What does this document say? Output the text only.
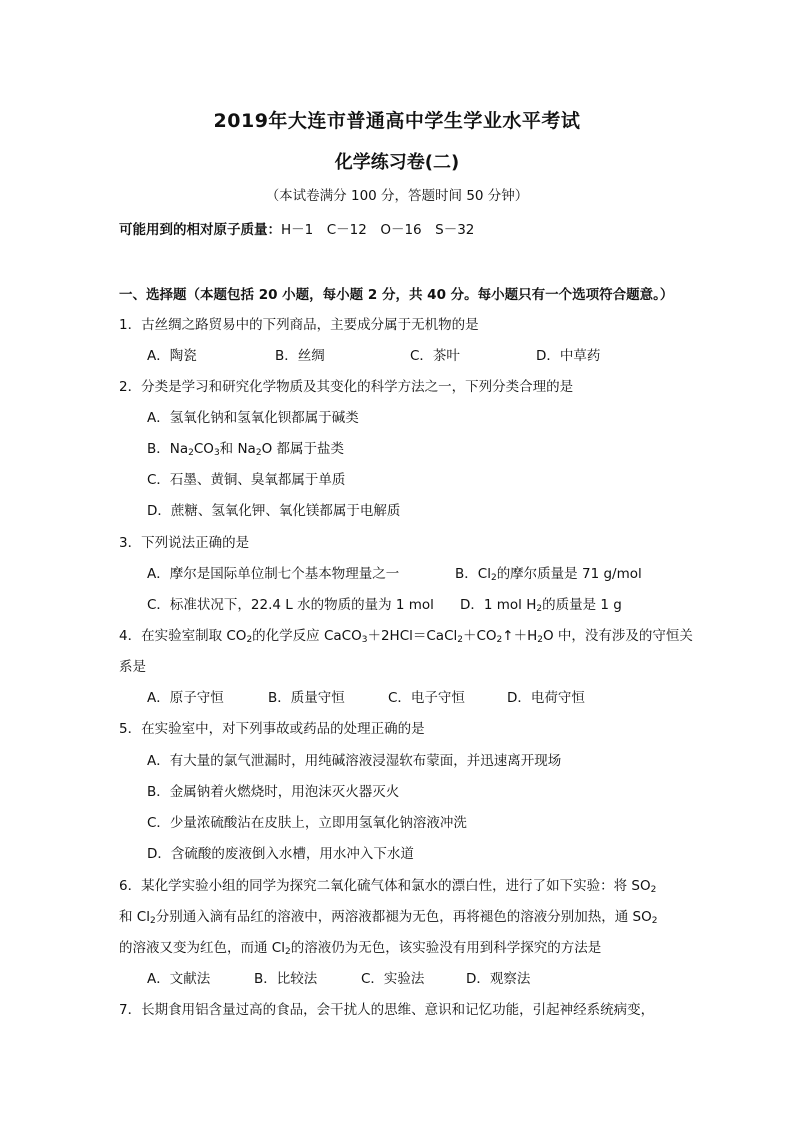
2019年大连市普通高中学生学业水平考试
化学练习卷(二)
（本试卷满分 100 分，答题时间 50 分钟）
可能用到的相对原子质量：H－1　C－12　O－16　S－32
一、选择题（本题包括 20 小题，每小题 2 分，共 40 分。每小题只有一个选项符合题意。）
1．古丝绸之路贸易中的下列商品，主要成分属于无机物的是
A．陶瓷	B．丝绸	C．茶叶	D．中草药
2．分类是学习和研究化学物质及其变化的科学方法之一，下列分类合理的是
A．氢氧化钠和氢氧化钡都属于碱类
B．$Na_2CO_3$和 $Na_2O$ 都属于盐类
C．石墨、黄铜、臭氧都属于单质
D．蔗糖、氢氧化钾、氧化镁都属于电解质
3．下列说法正确的是
A．摩尔是国际单位制七个基本物理量之一	B．$Cl_2$的摩尔质量是 71 g/mol
C．标准状况下，22.4 L 水的物质的量为 1 mol D．1 mol $H_2$的质量是 1 g
4．在实验室制取 $CO_2$的化学反应 $CaCO_3+2HCl=CaCl_2+CO_2↑+H_2O$ 中，没有涉及的守恒关
系是
A．原子守恒	B．质量守恒	C．电子守恒	D．电荷守恒
5．在实验室中，对下列事故或药品的处理正确的是
A．有大量的氯气泄漏时，用纯碱溶液浸湿软布蒙面，并迅速离开现场
B．金属钠着火燃烧时，用泡沫灭火器灭火
C．少量浓硫酸沾在皮肤上，立即用氢氧化钠溶液冲洗
D．含硫酸的废液倒入水槽，用水冲入下水道
6．某化学实验小组的同学为探究二氧化硫气体和氯水的漂白性，进行了如下实验：将 $SO_2$
和 $Cl_2$分别通入滴有品红的溶液中，两溶液都褪为无色，再将褪色的溶液分别加热，通 $SO_2$
的溶液又变为红色，而通 $Cl_2$的溶液仍为无色，该实验没有用到科学探究的方法是
A．文献法	B．比较法	C．实验法	D．观察法
7．长期食用铝含量过高的食品，会干扰人的思维、意识和记忆功能，引起神经系统病变，
